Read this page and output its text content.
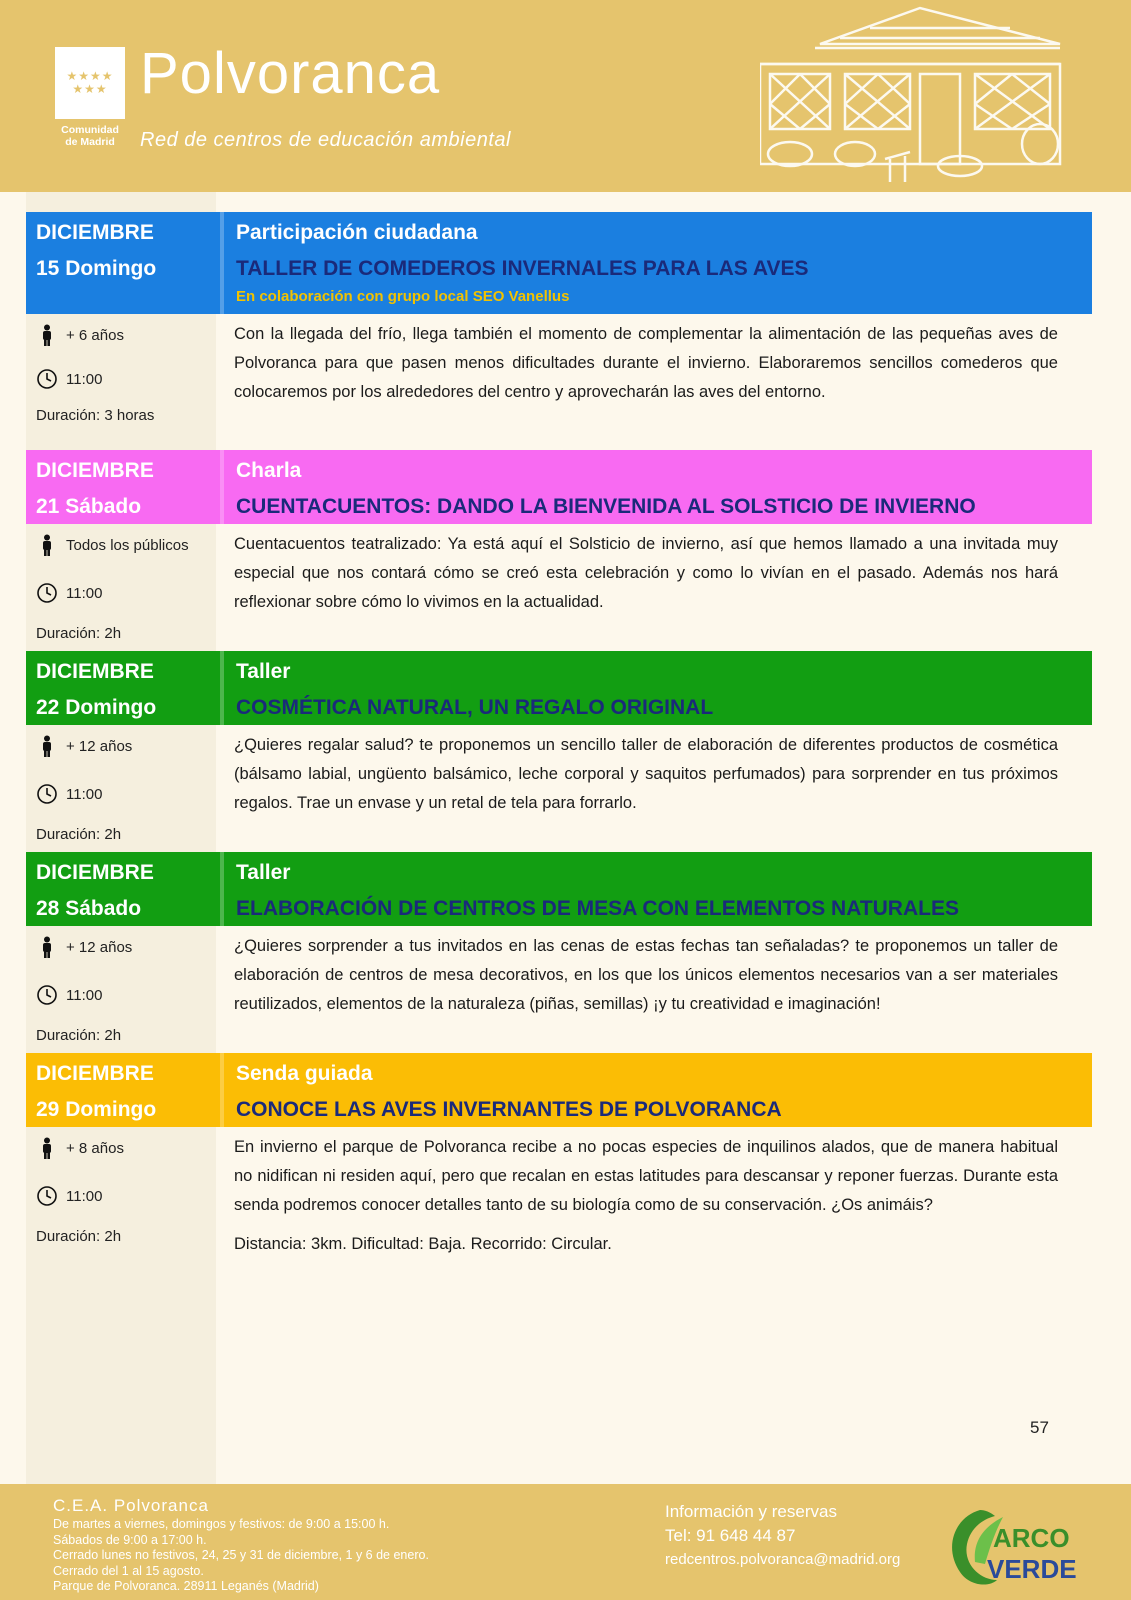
★★★★
★★★
Comunidad
de Madrid
Polvoranca
Red de centros de educación ambiental
DICIEMBRE
15 Domingo
Participación ciudadana
TALLER DE COMEDEROS INVERNALES PARA LAS AVES
En colaboración con grupo local SEO Vanellus
+ 6 años
11:00
Duración: 3 horas

Con la llegada del frío, llega también el momento de complementar la alimentación de las pequeñas aves de Polvoranca para que pasen menos dificultades durante el invierno. Elaboraremos sencillos comederos que colocaremos por los alrededores del centro y aprovecharán las aves del entorno.

DICIEMBRE
21 Sábado
Charla
CUENTACUENTOS: DANDO LA BIENVENIDA AL SOLSTICIO DE INVIERNO
Todos los públicos
11:00
Duración: 2h

Cuentacuentos teatralizado: Ya está aquí el Solsticio de invierno, así que hemos llamado a una invitada muy especial que nos contará cómo se creó esta celebración y como lo vivían en el pasado. Además nos hará reflexionar sobre cómo lo vivimos en la actualidad.

DICIEMBRE
22 Domingo
Taller
COSMÉTICA NATURAL, UN REGALO ORIGINAL
+ 12 años
11:00
Duración: 2h

¿Quieres regalar salud? te proponemos un sencillo taller de elaboración de diferentes productos de cosmética (bálsamo labial, ungüento balsámico, leche corporal y saquitos perfumados) para sorprender en tus próximos regalos. Trae un envase y un retal de tela para forrarlo.

DICIEMBRE
28 Sábado
Taller
ELABORACIÓN DE CENTROS DE MESA CON ELEMENTOS NATURALES
+ 12 años
11:00
Duración: 2h

¿Quieres sorprender a tus invitados en las cenas de estas fechas tan señaladas? te proponemos un taller de elaboración de centros de mesa decorativos, en los que los únicos elementos necesarios van a ser materiales reutilizados, elementos de la naturaleza (piñas, semillas) ¡y tu creatividad e imaginación!

DICIEMBRE
29 Domingo
Senda guiada
CONOCE LAS AVES INVERNANTES DE POLVORANCA
+ 8 años
11:00
Duración: 2h

En invierno el parque de Polvoranca recibe a no pocas especies de inquilinos alados, que de manera habitual no nidifican ni residen aquí, pero que recalan en estas latitudes para descansar y reponer fuerzas. Durante esta senda podremos conocer detalles tanto de su biología como de su conservación. ¿Os animáis?

Distancia: 3km. Dificultad: Baja. Recorrido: Circular.

57
C.E.A. Polvoranca
De martes a viernes, domingos y festivos: de 9:00 a 15:00 h.
Sábados de 9:00 a 17:00 h.
Cerrado lunes no festivos, 24, 25 y 31 de diciembre, 1 y 6 de enero.
Cerrado del 1 al 15 agosto.
Parque de Polvoranca. 28911 Leganés (Madrid)
Información y reservas
Tel: 91 648 44 87
redcentros.polvoranca@madrid.org
ARCO
VERDE
